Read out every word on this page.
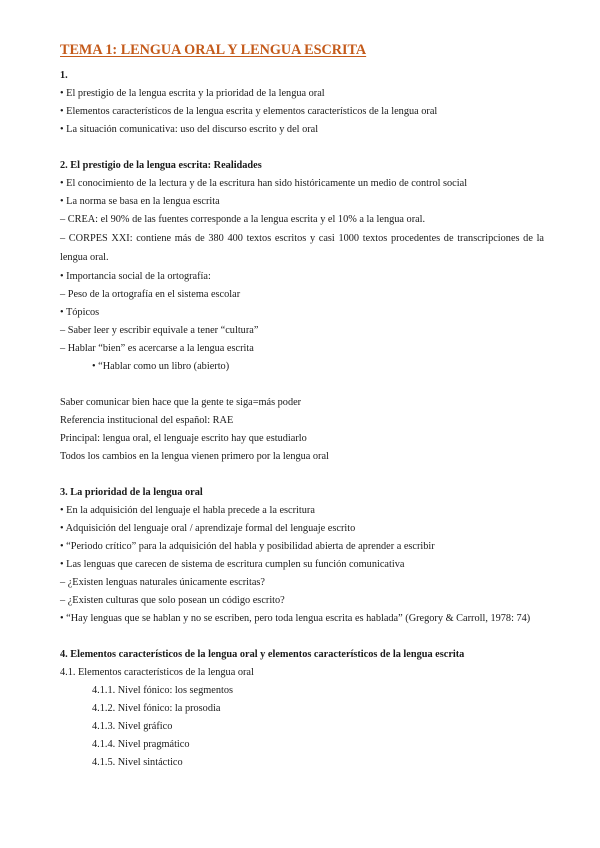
TEMA 1: LENGUA ORAL Y LENGUA ESCRITA
1.
• El prestigio de la lengua escrita y la prioridad de la lengua oral
• Elementos característicos de la lengua escrita y elementos característicos de la lengua oral
• La situación comunicativa: uso del discurso escrito y del oral
2. El prestigio de la lengua escrita: Realidades
• El conocimiento de la lectura y de la escritura han sido históricamente un medio de control social
• La norma se basa en la lengua escrita
– CREA: el 90% de las fuentes corresponde a la lengua escrita y el 10% a la lengua oral.
– CORPES XXI: contiene más de 380 400 textos escritos y casi 1000 textos procedentes de transcripciones de la lengua oral.
• Importancia social de la ortografía:
– Peso de la ortografía en el sistema escolar
• Tópicos
– Saber leer y escribir equivale a tener “cultura”
– Hablar “bien” es acercarse a la lengua escrita
• “Hablar como un libro (abierto)
Saber comunicar bien hace que la gente te siga=más poder
Referencia institucional del español: RAE
Principal: lengua oral, el lenguaje escrito hay que estudiarlo
Todos los cambios en la lengua vienen primero por la lengua oral
3. La prioridad de la lengua oral
• En la adquisición del lenguaje el habla precede a la escritura
• Adquisición del lenguaje oral / aprendizaje formal del lenguaje escrito
• “Periodo crítico” para la adquisición del habla y posibilidad abierta de aprender a escribir
• Las lenguas que carecen de sistema de escritura cumplen su función comunicativa
– ¿Existen lenguas naturales únicamente escritas?
– ¿Existen culturas que solo posean un código escrito?
• “Hay lenguas que se hablan y no se escriben, pero toda lengua escrita es hablada” (Gregory & Carroll, 1978: 74)
4. Elementos característicos de la lengua oral y elementos característicos de la lengua escrita
4.1. Elementos característicos de la lengua oral
4.1.1. Nivel fónico: los segmentos
4.1.2. Nivel fónico: la prosodia
4.1.3. Nivel gráfico
4.1.4. Nivel pragmático
4.1.5. Nivel sintáctico
